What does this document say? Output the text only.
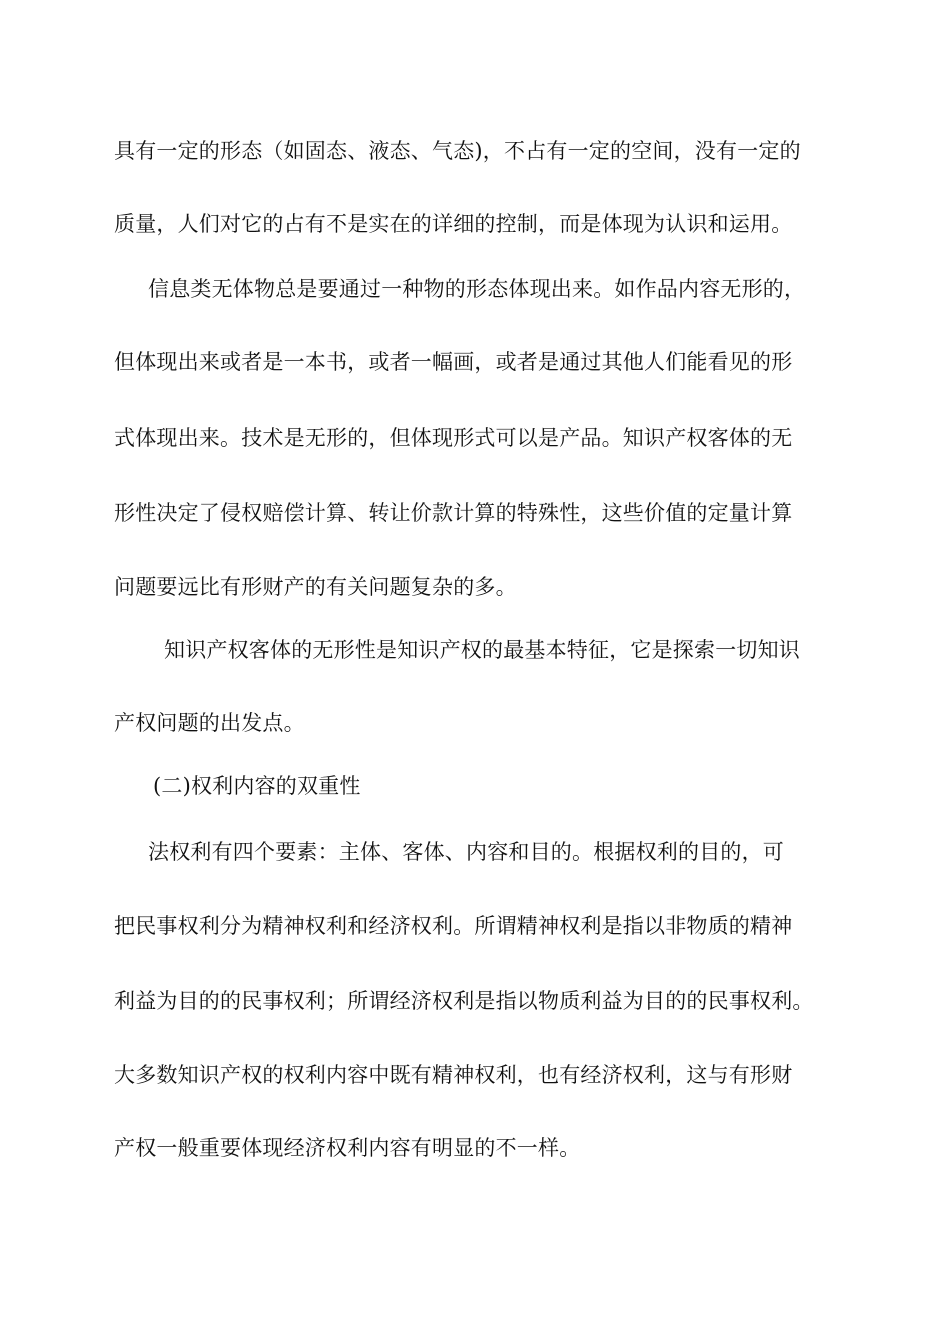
具有一定的形态（如固态、液态、气态)，不占有一定的空间，没有一定的
质量，人们对它的占有不是实在的详细的控制，而是体现为认识和运用。
信息类无体物总是要通过一种物的形态体现出来。如作品内容无形的，
但体现出来或者是一本书，或者一幅画，或者是通过其他人们能看见的形
式体现出来。技术是无形的，但体现形式可以是产品。知识产权客体的无
形性决定了侵权赔偿计算、转让价款计算的特殊性，这些价值的定量计算
问题要远比有形财产的有关问题复杂的多。
知识产权客体的无形性是知识产权的最基本特征，它是探索一切知识
产权问题的出发点。
(二)权利内容的双重性
法权利有四个要素：主体、客体、内容和目的。根据权利的目的，可
把民事权利分为精神权利和经济权利。所谓精神权利是指以非物质的精神
利益为目的的民事权利；所谓经济权利是指以物质利益为目的的民事权利。
大多数知识产权的权利内容中既有精神权利，也有经济权利，这与有形财
产权一般重要体现经济权利内容有明显的不一样。
